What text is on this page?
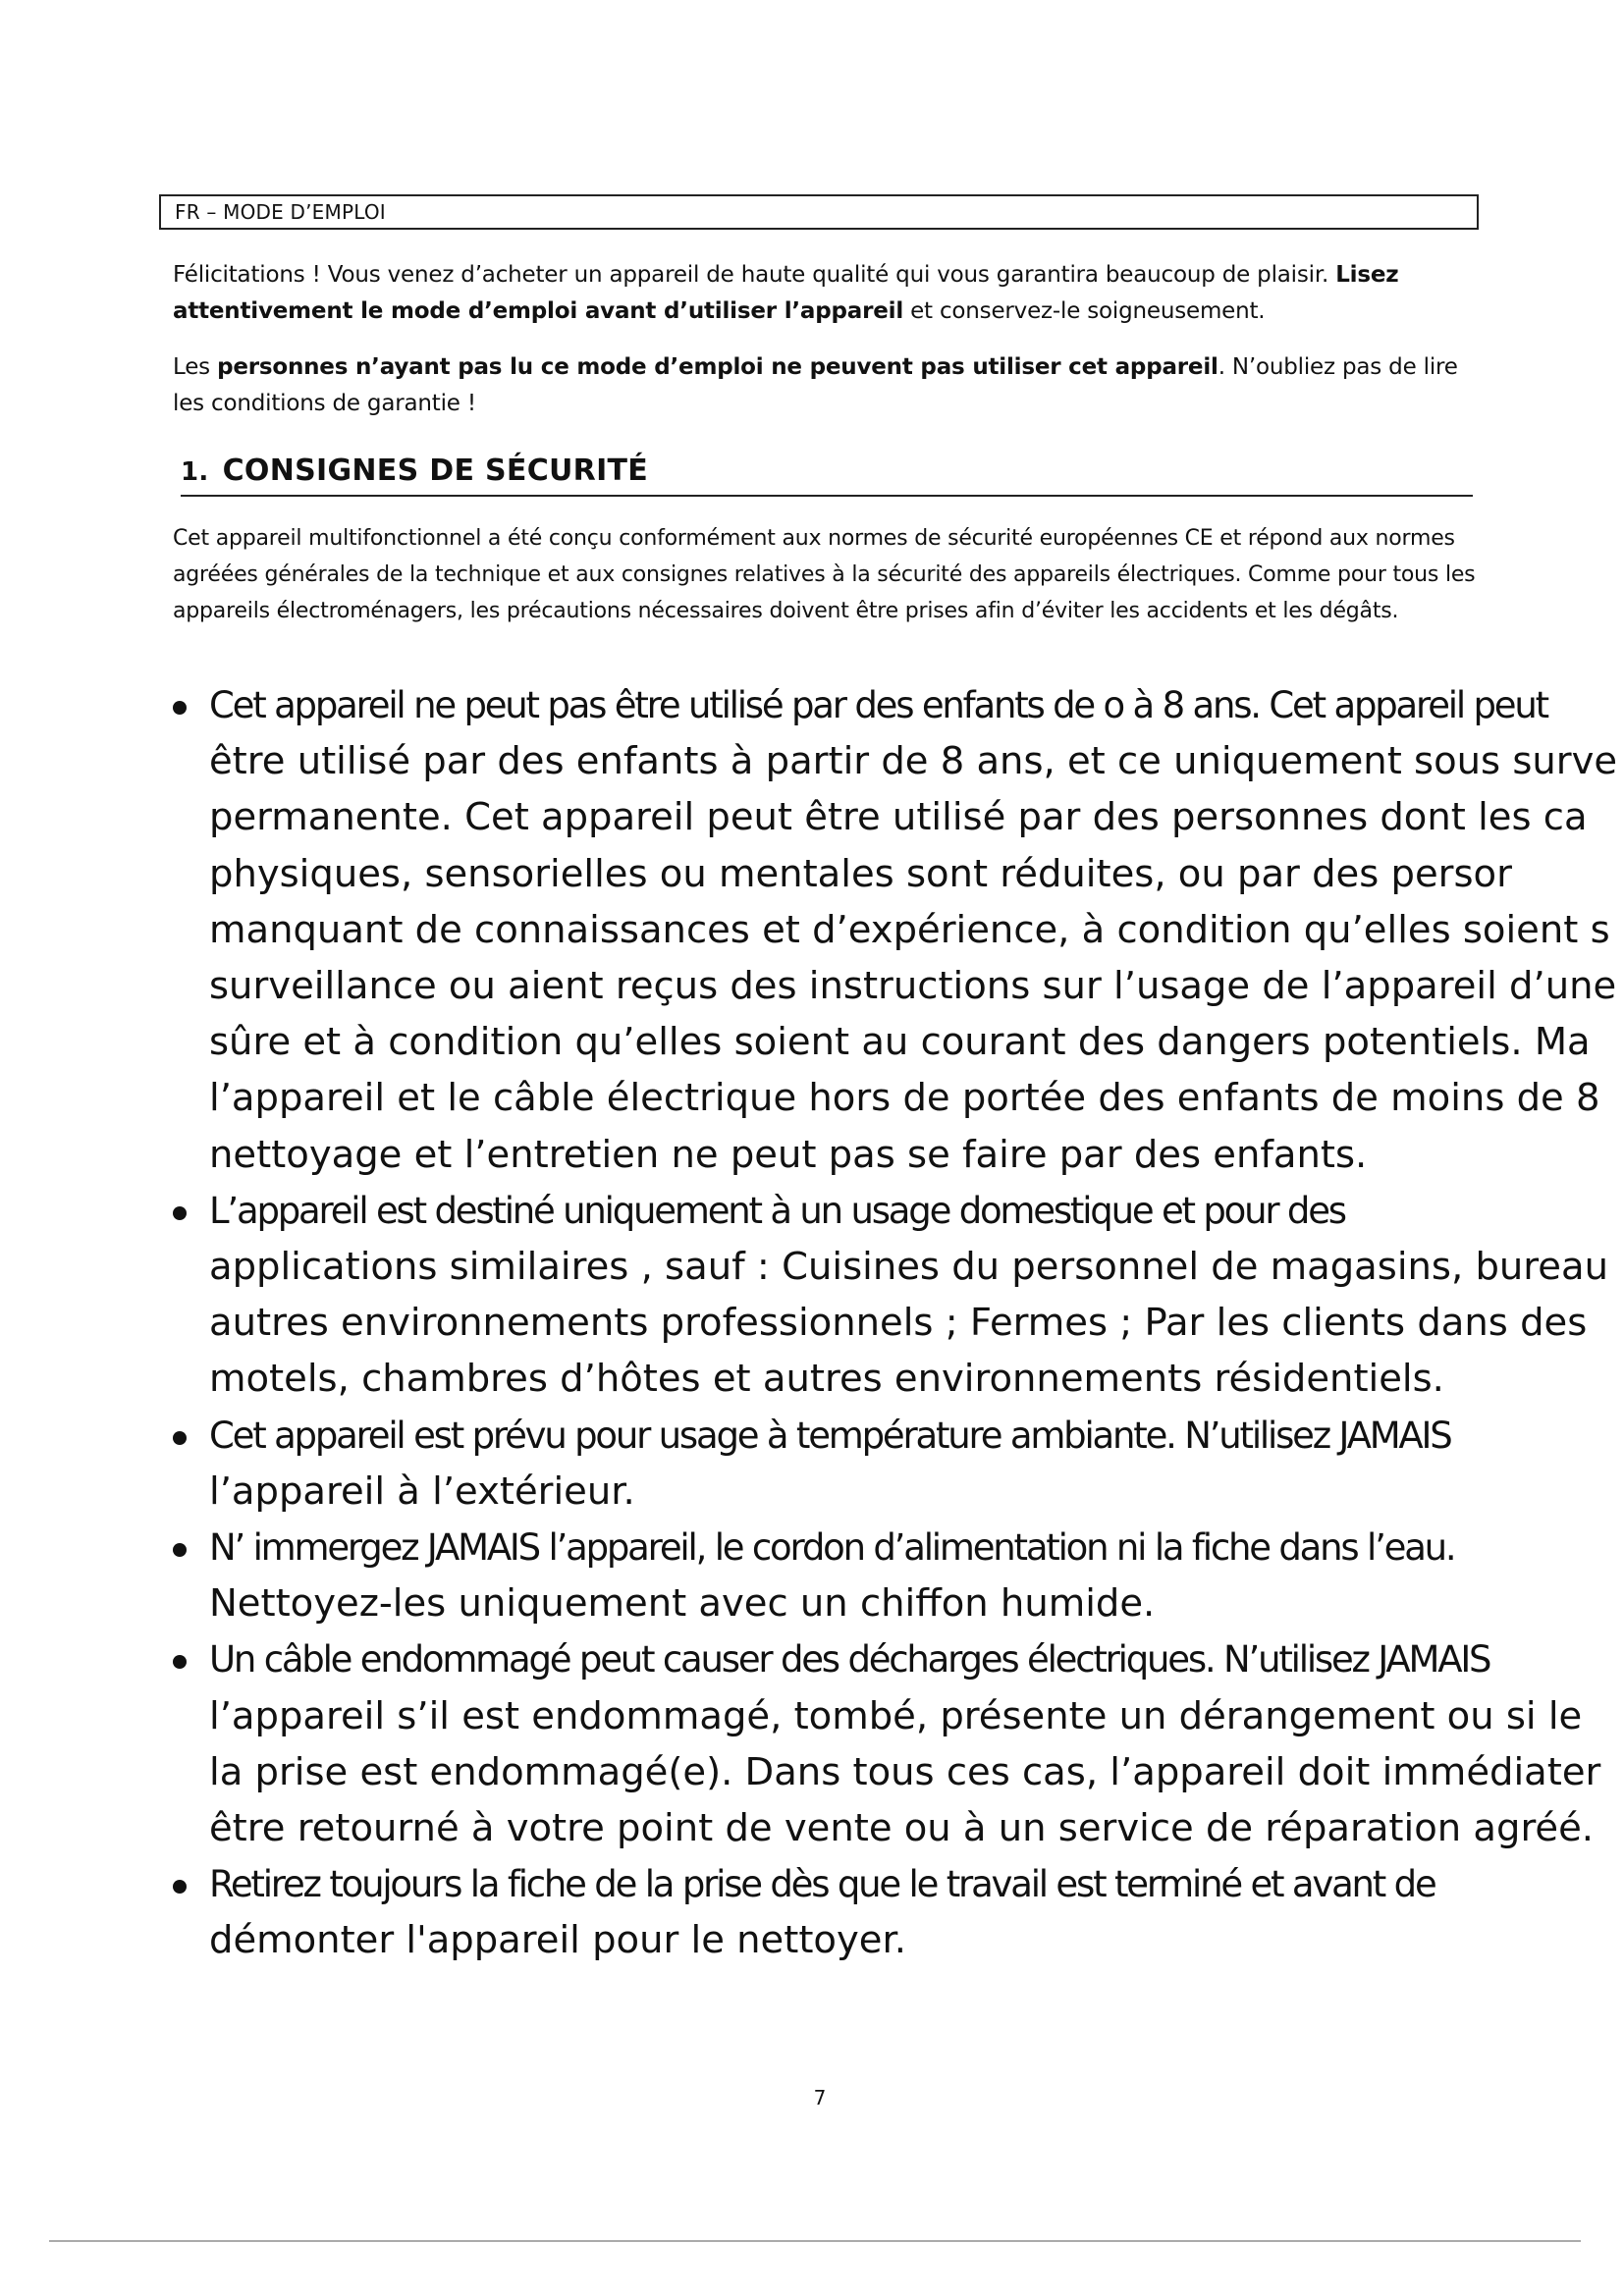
FR – MODE D’EMPLOI

Félicitations ! Vous venez d’acheter un appareil de haute qualité qui vous garantira beaucoup de plaisir. Lisez attentivement le mode d’emploi avant d’utiliser l’appareil et conservez-le soigneusement.

Les personnes n’ayant pas lu ce mode d’emploi ne peuvent pas utiliser cet appareil. N’oubliez pas de lire les conditions de garantie !

1. CONSIGNES DE SÉCURITÉ

Cet appareil multifonctionnel a été conçu conformément aux normes de sécurité européennes CE et répond aux normes agréées générales de la technique et aux consignes relatives à la sécurité des appareils électriques. Comme pour tous les appareils électroménagers, les précautions nécessaires doivent être prises afin d’éviter les accidents et les dégâts.

Cet appareil ne peut pas être utilisé par des enfants de o à 8 ans. Cet appareil peut
être utilisé par des enfants à partir de 8 ans, et ce uniquement sous surve
permanente. Cet appareil peut être utilisé par des personnes dont les ca
physiques, sensorielles ou mentales sont réduites, ou par des persor
manquant de connaissances et d’expérience, à condition qu’elles soient s
surveillance ou aient reçus des instructions sur l’usage de l’appareil d’une
sûre et à condition qu’elles soient au courant des dangers potentiels. Ma
l’appareil et le câble électrique hors de portée des enfants de moins de 8
nettoyage et l’entretien ne peut pas se faire par des enfants.
L’appareil est destiné uniquement à un usage domestique et pour des
applications similaires , sauf : Cuisines du personnel de magasins, bureau
autres environnements professionnels ; Fermes ; Par les clients dans des
motels, chambres d’hôtes et autres environnements résidentiels.
Cet appareil est prévu pour usage à température ambiante. N’utilisez JAMAIS
l’appareil à l’extérieur.
N’ immergez JAMAIS l’appareil, le cordon d’alimentation ni la fiche dans l’eau.
Nettoyez-les uniquement avec un chiffon humide.
Un câble endommagé peut causer des décharges électriques. N’utilisez JAMAIS
l’appareil s’il est endommagé, tombé, présente un dérangement ou si le
la prise est endommagé(e). Dans tous ces cas, l’appareil doit immédiater
être retourné à votre point de vente ou à un service de réparation agréé.
Retirez toujours la fiche de la prise dès que le travail est terminé et avant de
démonter l'appareil pour le nettoyer.
7
